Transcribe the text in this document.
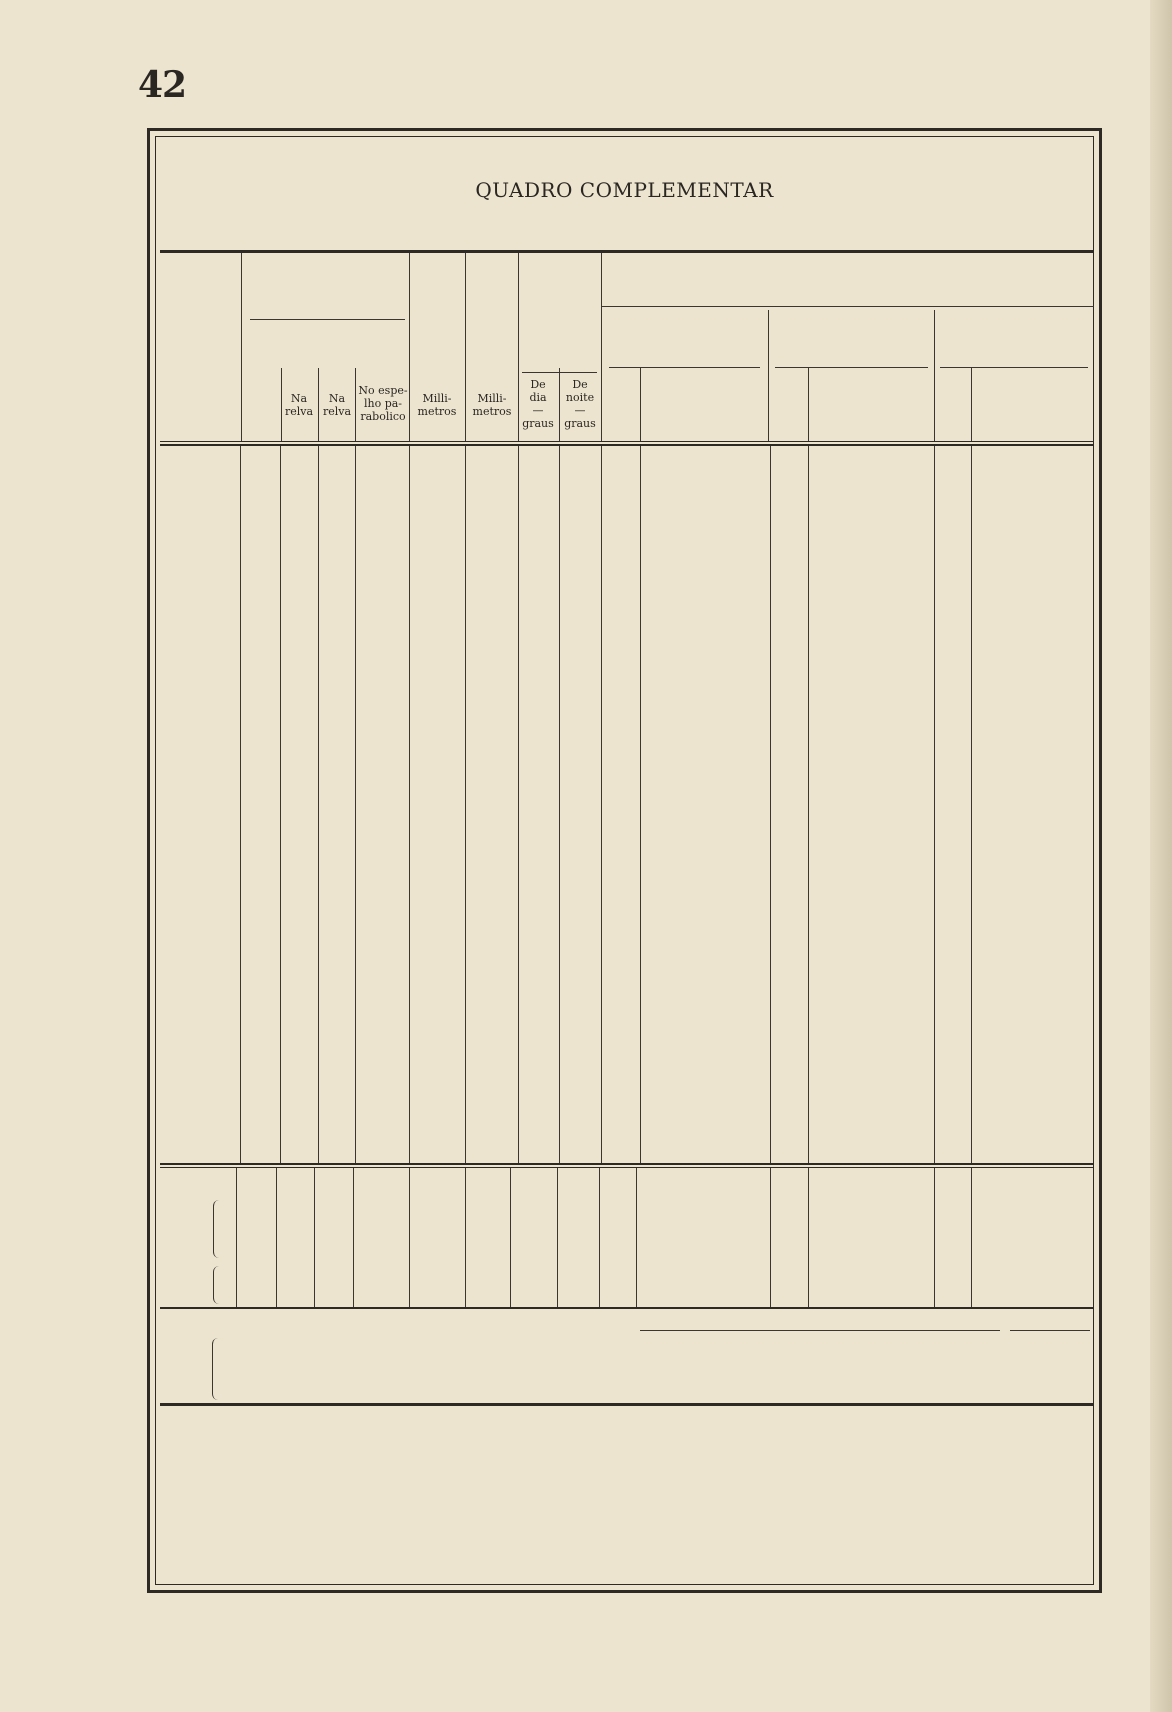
42
QUADRO COMPLEMENTAR
Na
relva
Na
relva
No espe-
lho pa-
rabolico
Milli-
metros
Milli-
metros
De
dia
—
graus
De
noite
—
graus
